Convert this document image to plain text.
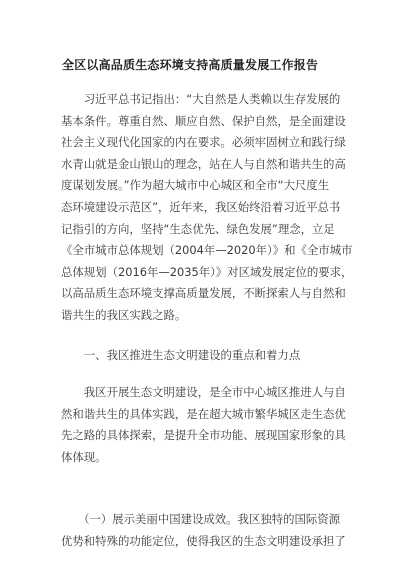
全区以高品质生态环境支持高质量发展工作报告

　　习近平总书记指出：“大自然是人类赖以生存发展的
基本条件。尊重自然、顺应自然、保护自然，是全面建设
社会主义现代化国家的内在要求。必须牢固树立和践行绿
水青山就是金山银山的理念，站在人与自然和谐共生的高
度谋划发展。”作为超大城市中心城区和全市“大尺度生
态环境建设示范区”，近年来，我区始终沿着习近平总书
记指引的方向，坚持“生态优先、绿色发展”理念，立足
《全市城市总体规划（2004年—2020年）》和《全市城市
总体规划（2016年—2035年）》对区域发展定位的要求，
以高品质生态环境支撑高质量发展，不断探索人与自然和
谐共生的我区实践之路。

　　一、我区推进生态文明建设的重点和着力点

　　我区开展生态文明建设，是全市中心城区推进人与自
然和谐共生的具体实践，是在超大城市繁华城区走生态优
先之路的具体探索，是提升全市功能、展现国家形象的具
体体现。

　　（一）展示美丽中国建设成效。我区独特的国际资源
优势和特殊的功能定位，使得我区的生态文明建设承担了
